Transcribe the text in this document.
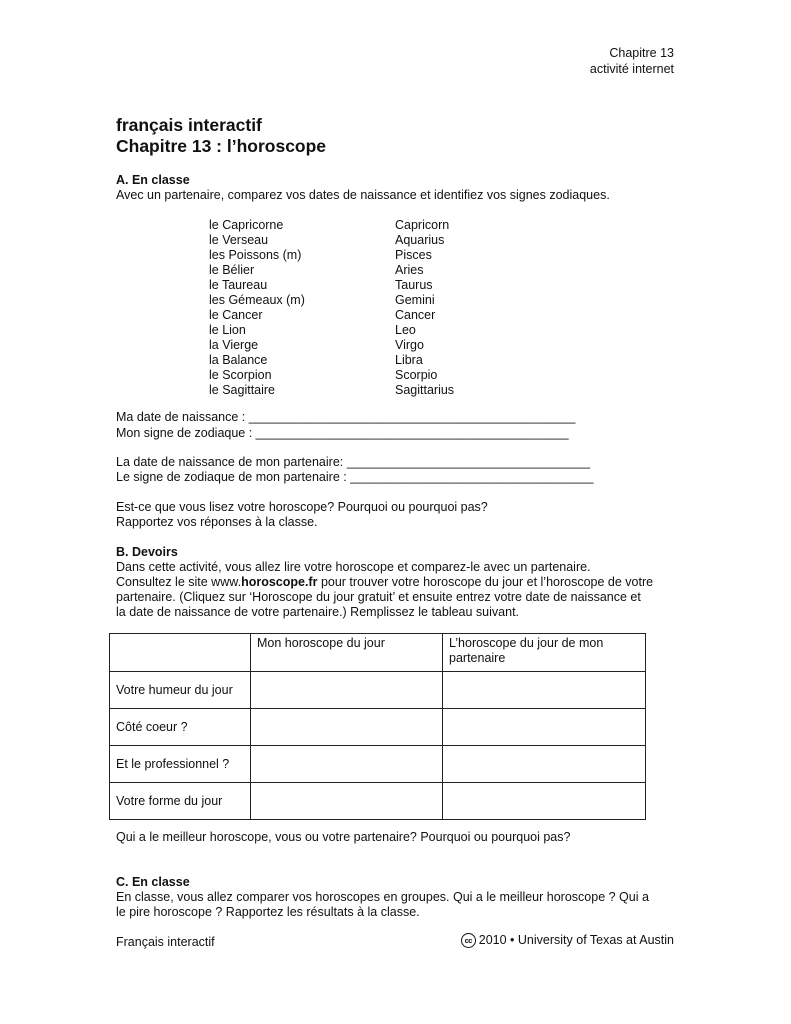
Chapitre 13
activité internet
français interactif
Chapitre 13 : l’horoscope
A. En classe
Avec un partenaire, comparez vos dates de naissance et identifiez vos signes zodiaques.
le Capricorne	Capricorn
le Verseau	Aquarius
les Poissons (m)	Pisces
le Bélier	Aries
le Taureau	Taurus
les Gémeaux (m)	Gemini
le Cancer	Cancer
le Lion	Leo
la Vierge	Virgo
la Balance	Libra
le Scorpion	Scorpio
le Sagittaire	Sagittarius
Ma date de naissance : _______________________________________________
Mon signe de zodiaque : _____________________________________________
La date de naissance de mon partenaire: ___________________________________
Le signe de zodiaque de mon partenaire : ___________________________________
Est-ce que vous lisez votre horoscope? Pourquoi ou pourquoi pas?
Rapportez vos réponses à la classe.
B. Devoirs
Dans cette activité, vous allez lire votre horoscope et comparez-le avec un partenaire.
Consultez le site www.horoscope.fr pour trouver votre horoscope du jour et l’horoscope de votre
partenaire. (Cliquez sur ‘Horoscope du jour gratuit’ et ensuite entrez votre date de naissance et
la date de naissance de votre partenaire.) Remplissez le tableau suivant.
	Mon horoscope du jour	L’horoscope du jour de mon partenaire
Votre humeur du jour		
Côté coeur ?		
Et le professionnel ?		
Votre forme du jour		
Qui a le meilleur horoscope, vous ou votre partenaire? Pourquoi ou pourquoi pas?
C. En classe
En classe, vous allez comparer vos horoscopes en groupes. Qui a le meilleur horoscope ? Qui a
le pire horoscope ? Rapportez les résultats à la classe.
Français interactif	cc 2010 • University of Texas at Austin
